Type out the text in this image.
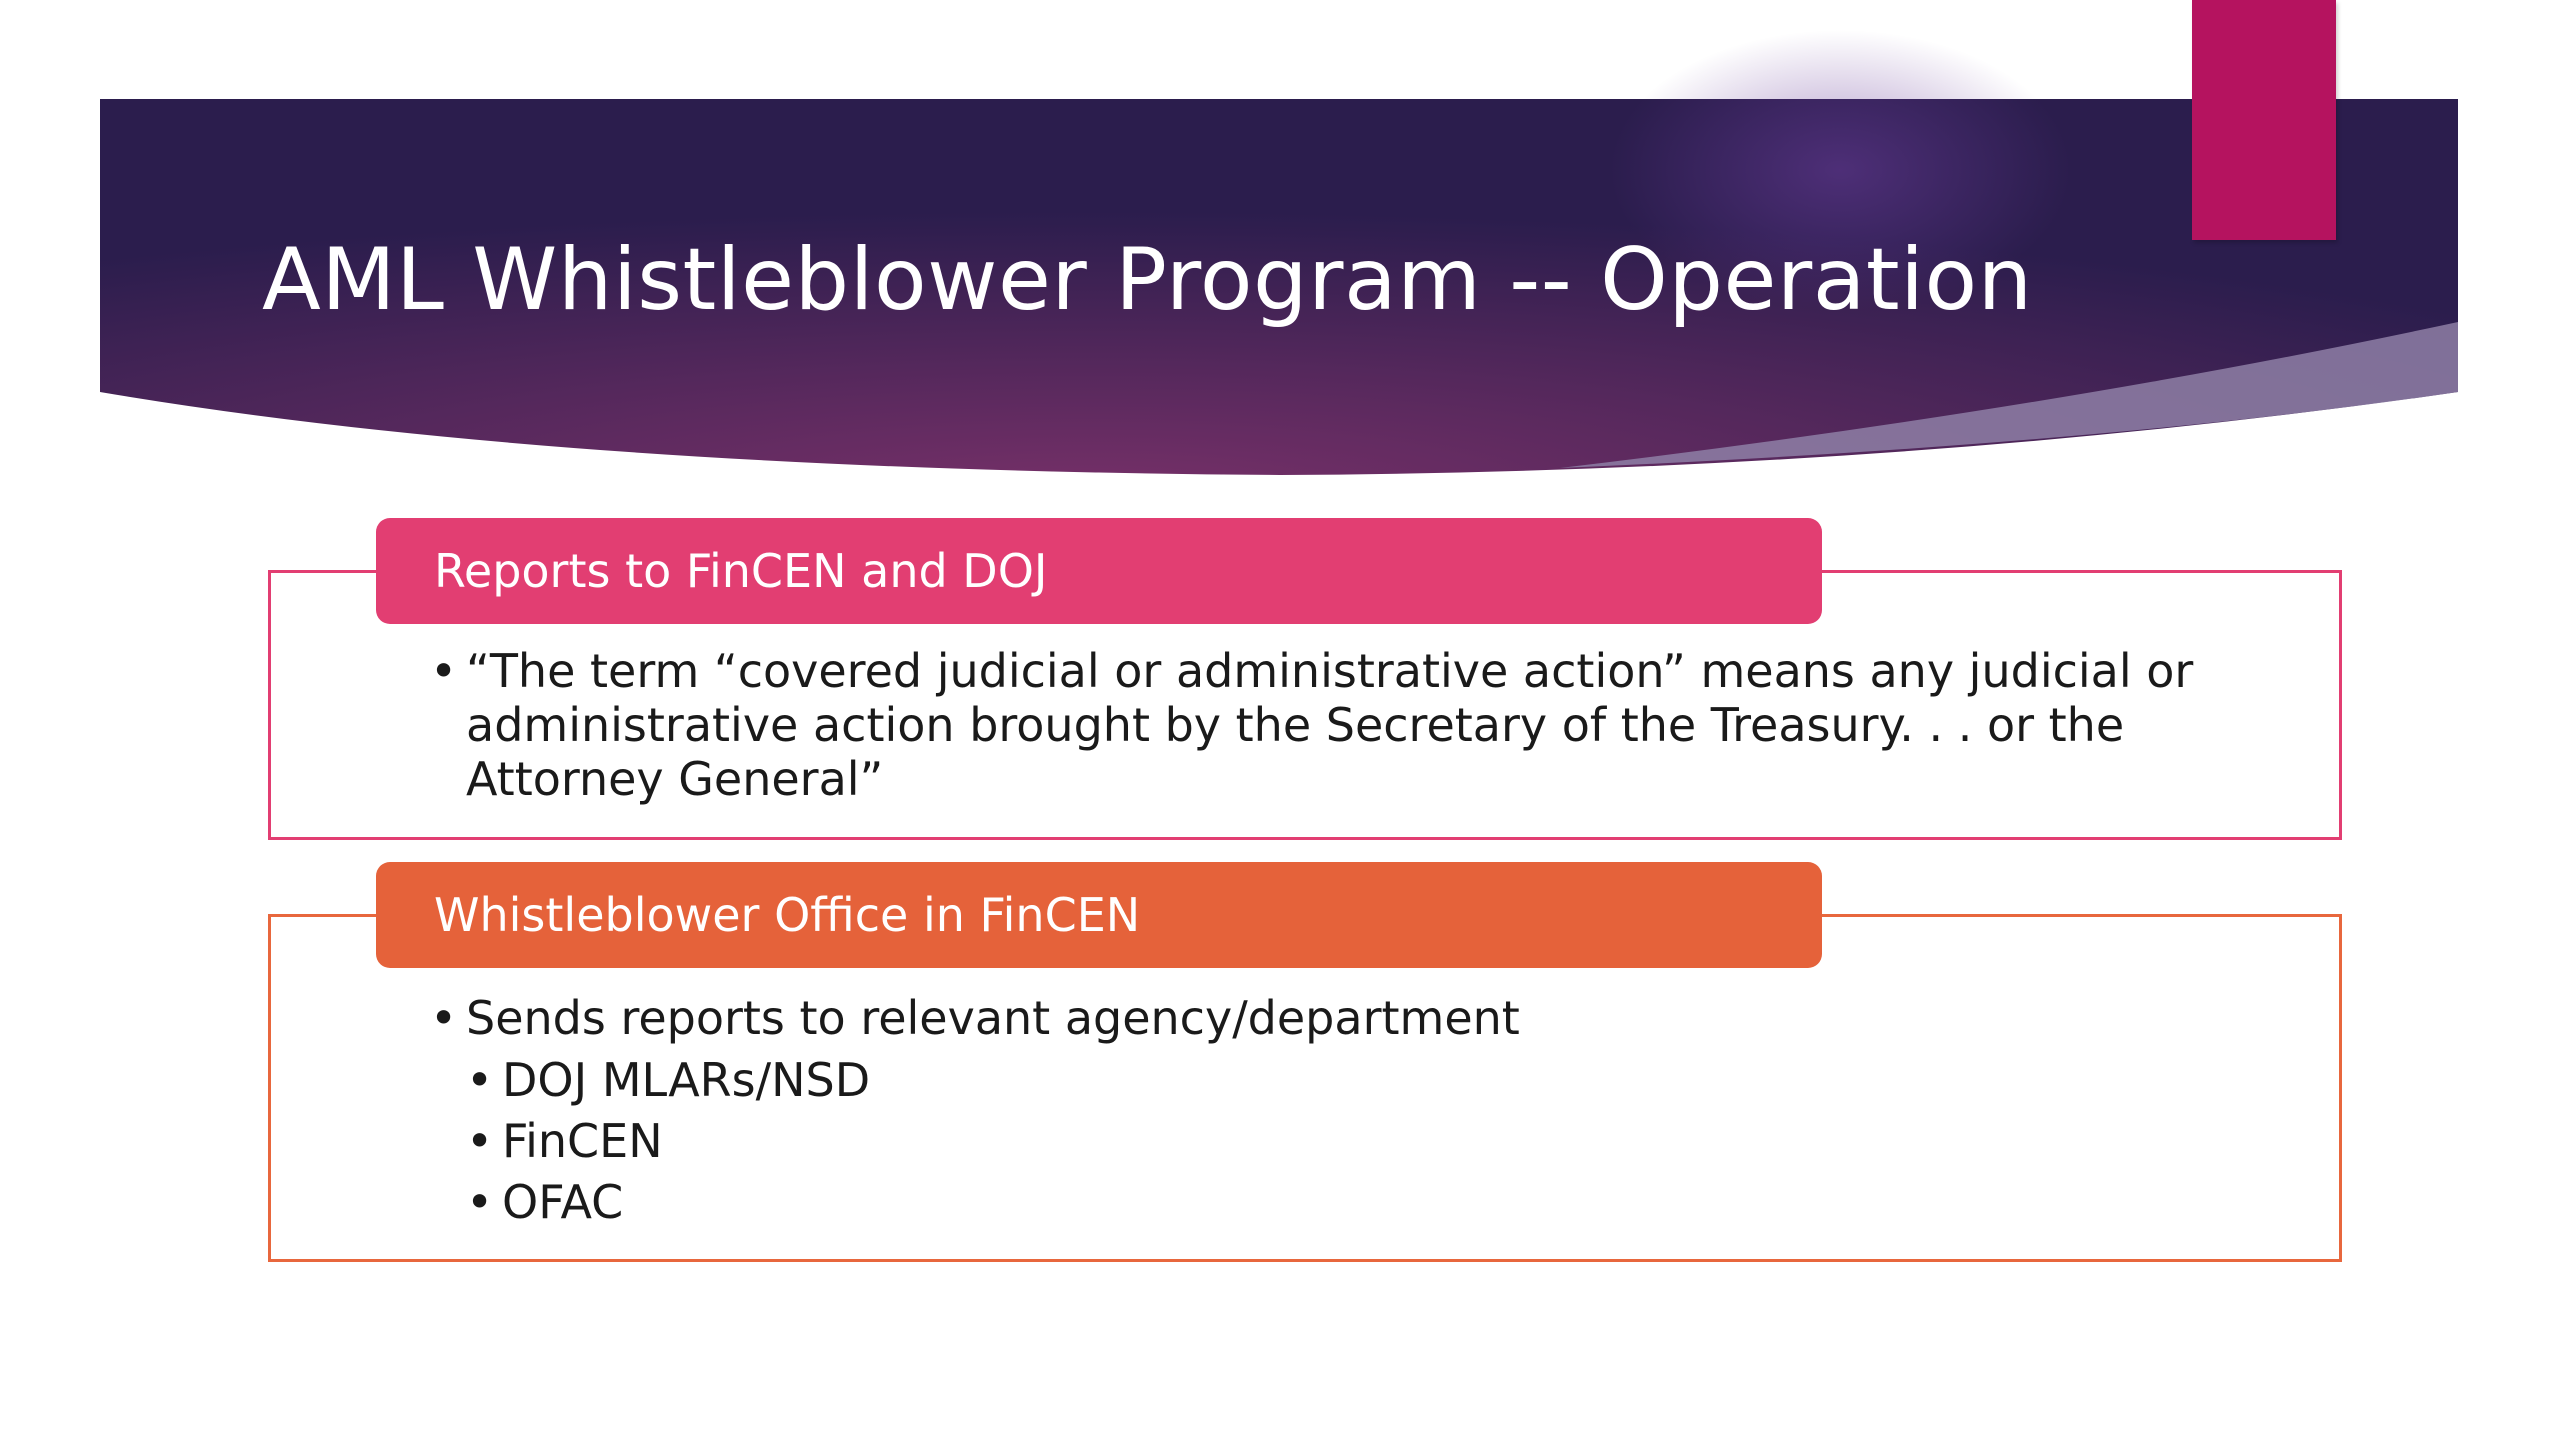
AML Whistleblower Program -- Operation
Reports to FinCEN and DOJ
• “The term “covered judicial or administrative action” means any judicial or administrative action brought by the Secretary of the Treasury. . . or the Attorney General”
Whistleblower Office in FinCEN
• Sends reports to relevant agency/department
• DOJ MLARs/NSD
• FinCEN
• OFAC
